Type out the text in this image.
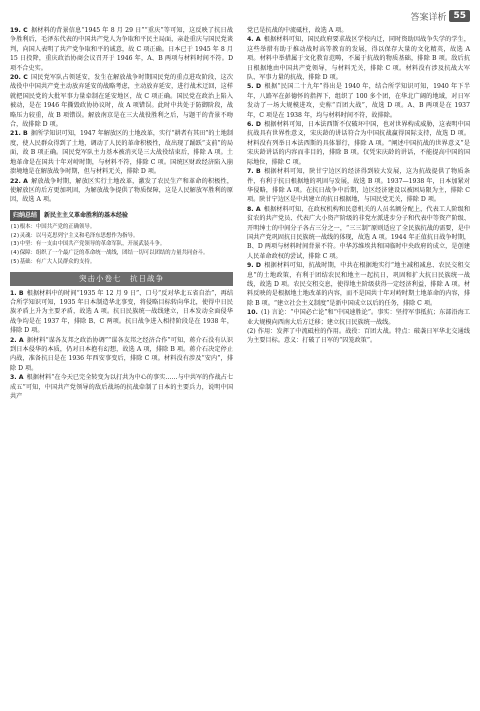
答案详析 55

19. C  据材料的背景信息“1945 年 8 月 29 日”“重庆”等可知，这反映了抗日战争胜利后，毛泽东代表的中国共产党人为争取和平民主局面，亲赴重庆与国民党谈判，向国人表明了共产党争取和平的诚意，故 C 项正确。日本已于 1945 年 8 月 15 日投降，重庆政治协商会议召开于 1946 年，A、B 两项与材料时间不符。D 项不合史实。

20. C  国民党军队占领延安，发生在解放战争时期国民党的重点进攻阶段，这次战役中中国共产党主动放弃延安的战略考虑，主动放弃延安，进行战术迂回，这样就把国民党的大批军事力量牵制在延安地区，故 C 项正确。国民党在政治上陷入被动，是在 1946 年撕毁政协协议时，故 A 项错误。此时中共处于防御阶段，战略压力较重，故 B 项错误。解放南京是在三大战役胜利之后，与题干的背景不吻合，故排除 D 项。

21. B  据所学知识可知，1947 年解放区的土地改革，实行“耕者有其田”的土地制度，使人民群众得到了土地，调动了人民的革命积极性，故出现了踊跃“支前”的局面，故 B 项正确。国民党军队主力基本被消灭是三大战役结束后，排除 A 项。土地革命是在国共十年对峙时期，与材料不符，排除 C 项。国统区财政经济陷入崩溃境地是在解放战争时期，但与材料无关，排除 D 项。

22. A  解放战争时期，解放区实行土地改革，激发了农民生产和革命的积极性，使解放区的后方更加巩固，为解放战争提供了物质保障，这是人民解放军胜利的原因，故选 A 项。

归纳总结	新民主主义革命胜利的基本经验
(1)根本：中国共产党的正确领导。
(2)灵魂：以马克思列宁主义和毛泽东思想作为指导。
(3)中坚：有一支由中国共产党领导的革命军队，开展武装斗争。
(4)保障：组织了一个最广泛的革命统一战线，团结一切可以团结的力量共同奋斗。
(5)基础：有广大人民群众的支持。
突击小卷七　抗日战争

1. B  根据材料中的时间“1935 年 12 月 9 日”、口号“反对华北五省自治”，再结合所学知识可知，1935 年日本制造华北事变，将侵略目标转向华北，使得中日民族矛盾上升为主要矛盾，故选 A 项。抗日民族统一战线建立，日本发动全面侵华战争均是在 1937 年，排除 B、C 两项。抗日战争进入相持阶段是在 1938 年，排除 D 项。

2. A  据材料“谋各友邦之政治协调”“谋各友邦之经济合作”可知，蒋介石没有认识到日本侵华的本质，仍对日本抱有幻想，故选 A 项，排除 B 项。蒋介石决定停止内战，准备抗日是在 1936 年西安事变后，排除 C 项。材料没有涉及“安内”，排除 D 项。

3. A  根据材料“在今天已完全转变为以打共为中心的事实……与中共军的作战占七成五”可知，中国共产党领导的敌后战场的抗战牵制了日本的主要兵力，说明中国共产

党已是抗战的中流砥柱，故选 A 项。

4. A  根据材料可知，国民政府要求战区学校内迁，同时资助因战争失学的学生，这些举措有助于推动战时高等教育的发展，得以保存大量的文化精英，故选 A 项。材料中举措属于文化教育范畴，不属于抗战的物质基础，排除 B 项。敌后抗日根据地由中国共产党领导，与材料无关，排除 C 项。材料没有涉及抗战大军队、军事力量的抗战，排除 D 项。

5. D  根据“民国二十九年”得出是 1940 年，结合所学知识可知，1940 年下半年，八路军在彭德怀的指挥下，组织了 100 多个团，在华北广阔的地域，对日军发动了一场大规模进攻，史称“百团大战”，故选 D 项。A、B 两项是在 1937 年，C 项是在 1938 年，均与材料时间不符，故排除。

6. D  根据材料可知，日本法西斯不仅破坏中国，也对世界构成威胁，这表明中国抗战具有世界性意义，宋庆龄的讲话符合为中国抗战赢得国际支持，故选 D 项。材料没有列举日本法西斯的具体罪行，排除 A 项。“阐述中国抗战的世界意义”是宋庆龄讲话的内容而非目的，排除 B 项。仅凭宋庆龄的讲话，不能提高中国的国际地位，排除 C 项。

7. B  根据材料可知，陕甘宁边区的经济得到较大发展，这为抗战提供了物质条件，有利于抗日根据地的巩固与发展，故选 B 项。1937—1938 年，日本加紧对华侵略，排除 A 项。在抗日战争中后期，边区经济建设以被困局限为主，排除 C 项。陕甘宁边区是中共建立的抗日根据地，与国民党无关，排除 D 项。

8. A  根据材料可知，在政权机构和民意机关的人员名额分配上，代表工人阶级和贫农的共产党员、代表广大小资产阶级的非党左派进步分子和代表中等资产阶级、开明绅士的中间分子各占三分之一，“三三制”原则适应了全民族抗战的需要，是中国共产党巩固抗日民族统一战线的体现，故选 A 项。1944 年正值抗日战争时期，B、D 两项与材料时间背景不符。中华苏维埃共和国临时中央政府的成立，是创建人民革命政权的尝试，排除 C 项。

9. D  根据材料可知，抗战时期，中共在根据地实行“地主减租减息、农民交租交息”的土地政策，有利于团结农民和地主一起抗日，巩固和扩大抗日民族统一战线，故选 D 项。农民交租交息，使得地主阶级获得一定经济利益，排除 A 项。材料反映的是根据地土地改革的内容，而不是国共十年对峙时期土地革命的内容，排除 B 项。“建立社会主义制度”是新中国成立以后的任务，排除 C 项。

10.  (1) 言论：“中国必亡论”和“中国速胜论”。事实：坚持军事抵抗；东部沿海工业大规模向西南大后方迁移；建立抗日民族统一战线。

(2) 作用：发挥了中流砥柱的作用。战役：百团大战。特点：破袭日军华北交通线为主要目标。意义：打破了日军的“囚笼政策”。
